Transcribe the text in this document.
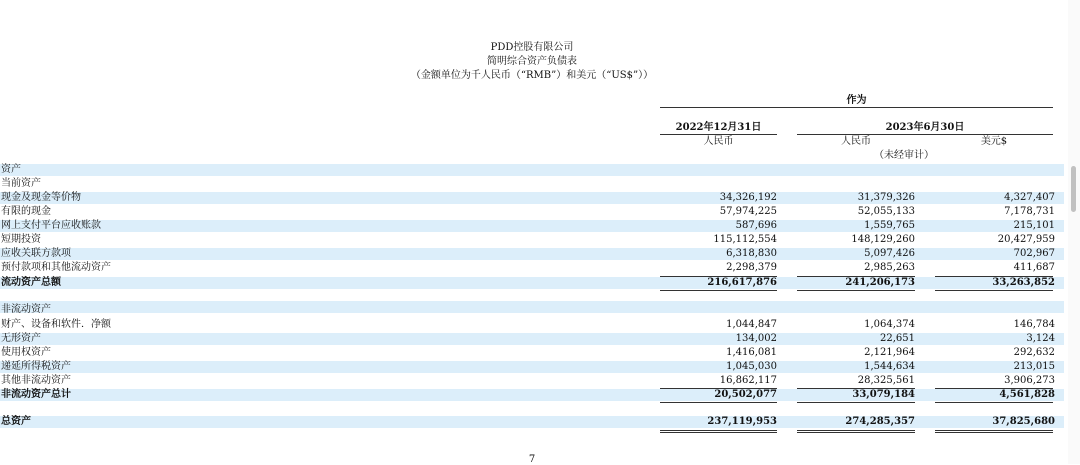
PDD控股有限公司
简明综合资产负债表
（金额单位为千人民币（“RMB”）和美元（“US$”））
作为
2022年12月31日	2023年6月30日
人民币	人民币	美元$
（未经审计）
资产
当前资产
现金及现金等价物	34,326,192	31,379,326	4,327,407
有限的现金	57,974,225	52,055,133	7,178,731
网上支付平台应收账款	587,696	1,559,765	215,101
短期投资	115,112,554	148,129,260	20,427,959
应收关联方款项	6,318,830	5,097,426	702,967
预付款项和其他流动资产	2,298,379	2,985,263	411,687
流动资产总额	216,617,876	241,206,173	33,263,852
非流动资产
财产、设备和软件．净额	1,044,847	1,064,374	146,784
无形资产	134,002	22,651	3,124
使用权资产	1,416,081	2,121,964	292,632
递延所得税资产	1,045,030	1,544,634	213,015
其他非流动资产	16,862,117	28,325,561	3,906,273
非流动资产总计	20,502,077	33,079,184	4,561,828
总资产	237,119,953	274,285,357	37,825,680
7
